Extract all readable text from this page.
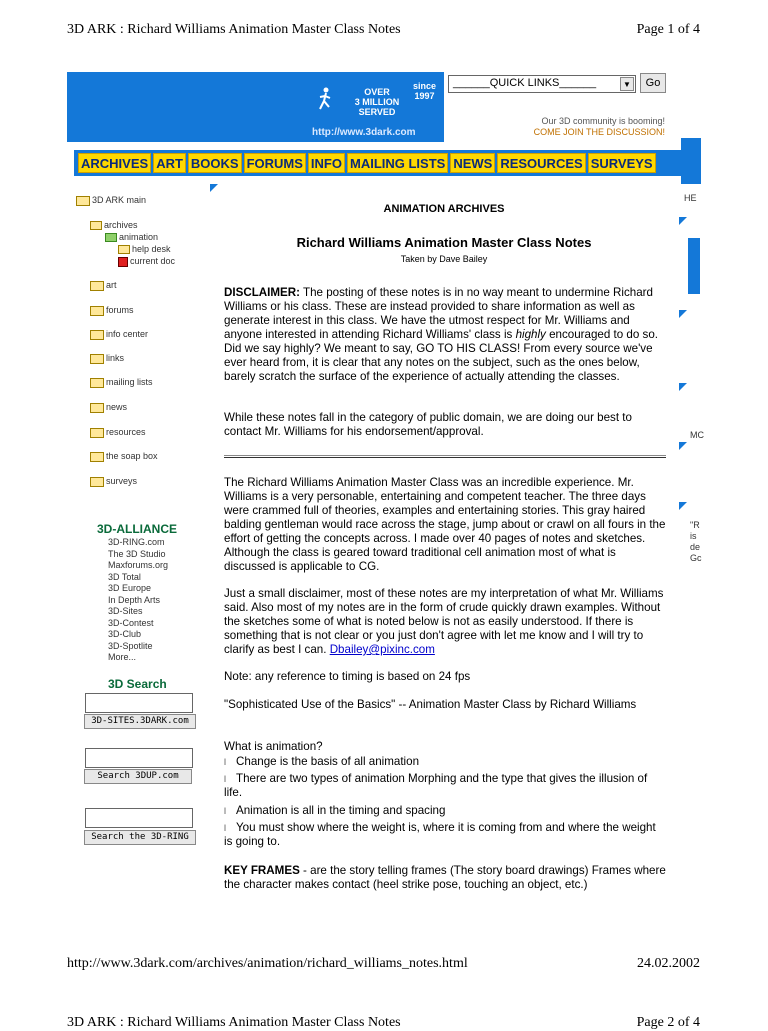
3D ARK : Richard Williams Animation Master Class Notes	Page 1 of 4
since
1997
OVER
3 MILLION
SERVED
http://www.3dark.com
______QUICK LINKS______	▼	Go
Our 3D community is booming!
COME JOIN THE DISCUSSION!
ARCHIVES ART BOOKS FORUMS INFO MAILING LISTS NEWS RESOURCES SURVEYS
3D ARK main
archives
animation
help desk
current doc
art
forums
info center
links
mailing lists
news
resources
the soap box
surveys
3D-ALLIANCE
3D-RING.com
The 3D Studio
Maxforums.org
3D Total
3D Europe
In Depth Arts
3D-Sites
3D-Contest
3D-Club
3D-Spotlite
More...
3D Search
3D-SITES.3DARK.com
Search 3DUP.com
Search the 3D-RING
ANIMATION ARCHIVES
Richard Williams Animation Master Class Notes
Taken by Dave Bailey
DISCLAIMER: The posting of these notes is in no way meant to undermine Richard Williams or his class. These are instead provided to share information as well as generate interest in this class. We have the utmost respect for Mr. Williams and anyone interested in attending Richard Williams' class is highly encouraged to do so. Did we say highly? We meant to say, GO TO HIS CLASS! From every source we've ever heard from, it is clear that any notes on the subject, such as the ones below, barely scratch the surface of the experience of actually attending the classes.
While these notes fall in the category of public domain, we are doing our best to contact Mr. Williams for his endorsement/approval.
The Richard Williams Animation Master Class was an incredible experience. Mr. Williams is a very personable, entertaining and competent teacher. The three days were crammed full of theories, examples and entertaining stories. This gray haired balding gentleman would race across the stage, jump about or crawl on all fours in the effort of getting the concepts across. I made over 40 pages of notes and sketches. Although the class is geared toward traditional cell animation most of what is discussed is applicable to CG.
Just a small disclaimer, most of these notes are my interpretation of what Mr. Williams said. Also most of my notes are in the form of crude quickly drawn examples. Without the sketches some of what is noted below is not as easily understood. If there is something that is not clear or you just don't agree with let me know and I will try to clarify as best I can. Dbailey@pixinc.com
Note: any reference to timing is based on 24 fps
"Sophisticated Use of the Basics" -- Animation Master Class by Richard Williams
What is animation?
l Change is the basis of all animation
l There are two types of animation Morphing and the type that gives the illusion of life.
l Animation is all in the timing and spacing
l You must show where the weight is, where it is coming from and where the weight is going to.
KEY FRAMES - are the story telling frames (The story board drawings) Frames where the character makes contact (heel strike pose, touching an object, etc.)
HE
MC
"R
is
de
Gc
http://www.3dark.com/archives/animation/richard_williams_notes.html	24.02.2002
3D ARK : Richard Williams Animation Master Class Notes	Page 2 of 4
